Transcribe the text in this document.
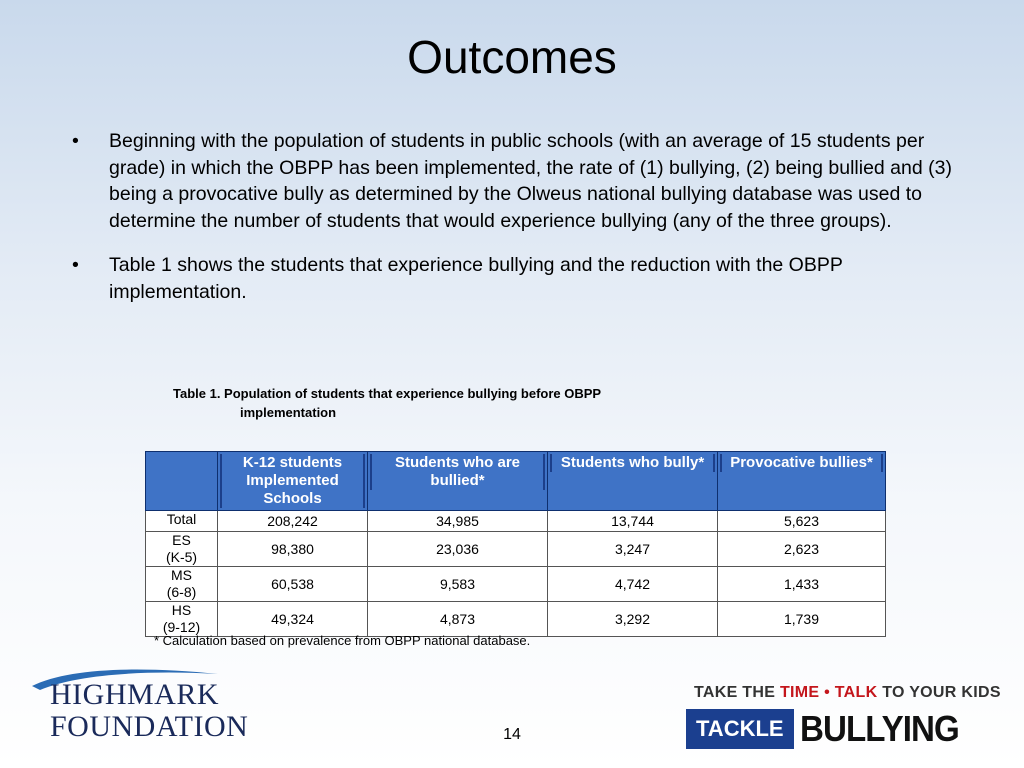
Outcomes
•	Beginning with the population of students in public schools (with an average of 15 students per grade) in which the OBPP has been implemented, the rate of (1) bullying, (2) being bullied and (3) being a provocative bully as determined by the Olweus national bullying database was used to determine the number of students that would experience bullying (any of the three groups).
•	Table 1 shows the students that experience bullying and the reduction with the OBPP implementation.
Table 1. Population of students that experience bullying before OBPP
implementation

	K-12 students Implemented Schools	Students who are bullied*	Students who bully*	Provocative bullies*

Total	208,242	34,985	13,744	5,623

ES
(K-5)	98,380	23,036	3,247	2,623

MS
(6-8)	60,538	9,583	4,742	1,433

HS
(9-12)	49,324	4,873	3,292	1,739
* Calculation based on prevalence from OBPP national database.
HIGHMARK
FOUNDATION	14
TAKE THE TIME • TALK TO YOUR KIDS
TACKLE BULLYING
